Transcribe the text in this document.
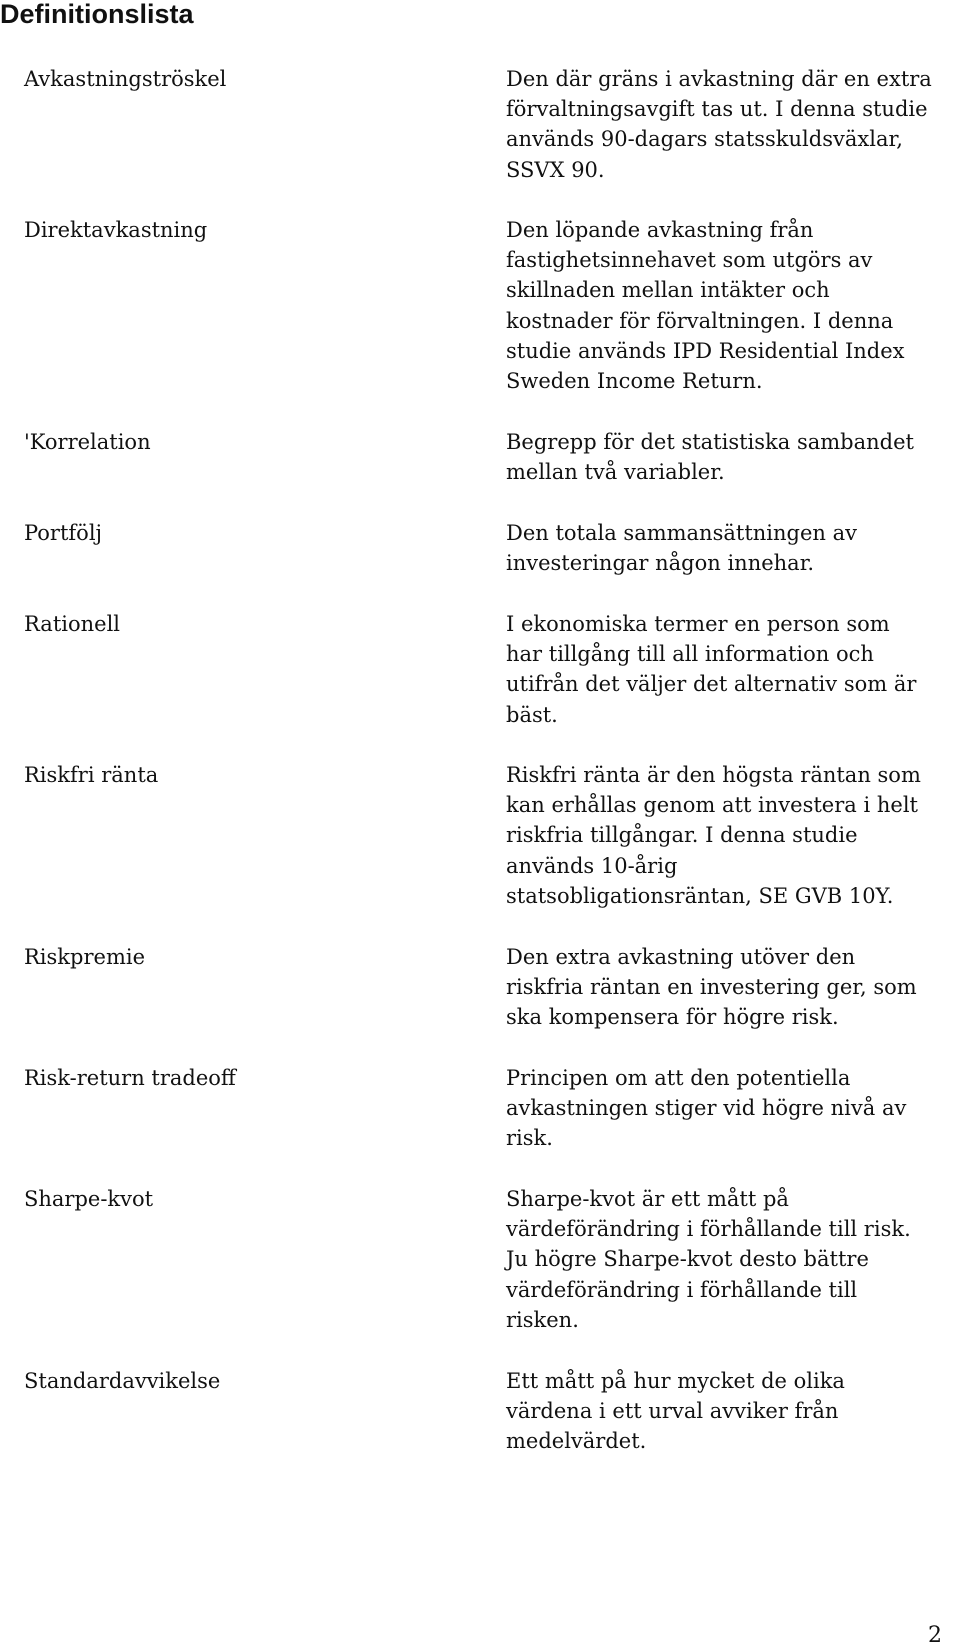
Definitionslista
Avkastningströskel	Den där gräns i avkastning där en extra
förvaltningsavgift tas ut. I denna studie
används 90-dagars statsskuldsväxlar,
SSVX 90.
Direktavkastning	Den löpande avkastning från
fastighetsinnehavet som utgörs av
skillnaden mellan intäkter och
kostnader för förvaltningen. I denna
studie används IPD Residential Index
Sweden Income Return.
'Korrelation	Begrepp för det statistiska sambandet
mellan två variabler.
Portfölj	Den totala sammansättningen av
investeringar någon innehar.
Rationell	I ekonomiska termer en person som
har tillgång till all information och
utifrån det väljer det alternativ som är
bäst.
Riskfri ränta	Riskfri ränta är den högsta räntan som
kan erhållas genom att investera i helt
riskfria tillgångar. I denna studie
används 10-årig
statsobligationsräntan, SE GVB 10Y.
Riskpremie	Den extra avkastning utöver den
riskfria räntan en investering ger, som
ska kompensera för högre risk.
Risk-return tradeoff	Principen om att den potentiella
avkastningen stiger vid högre nivå av
risk.
Sharpe-kvot	Sharpe-kvot är ett mått på
värdeförändring i förhållande till risk.
Ju högre Sharpe-kvot desto bättre
värdeförändring i förhållande till
risken.
Standardavvikelse	Ett mått på hur mycket de olika
värdena i ett urval avviker från
medelvärdet.
2
